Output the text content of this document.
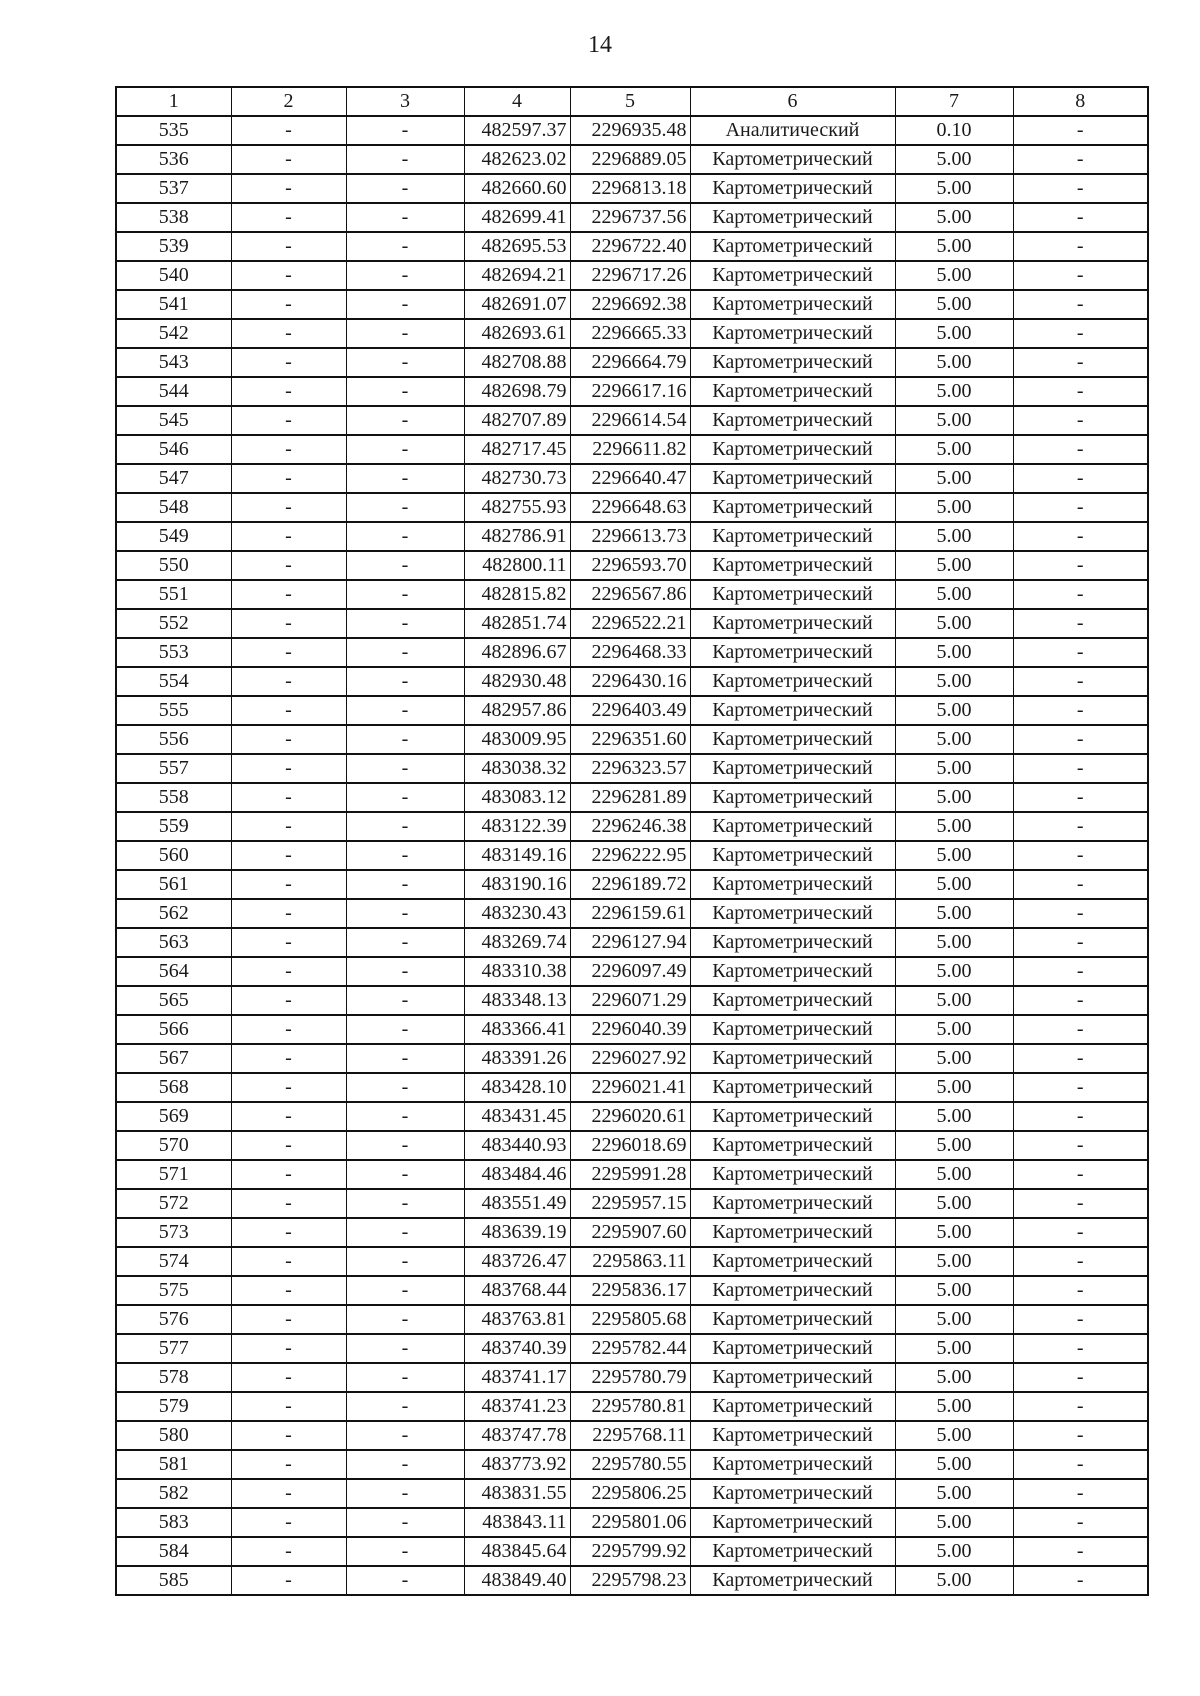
14
1	2	3	4	5	6	7	8
535	-	-	482597.37	2296935.48	Аналитический	0.10	-
536	-	-	482623.02	2296889.05	Картометрический	5.00	-
537	-	-	482660.60	2296813.18	Картометрический	5.00	-
538	-	-	482699.41	2296737.56	Картометрический	5.00	-
539	-	-	482695.53	2296722.40	Картометрический	5.00	-
540	-	-	482694.21	2296717.26	Картометрический	5.00	-
541	-	-	482691.07	2296692.38	Картометрический	5.00	-
542	-	-	482693.61	2296665.33	Картометрический	5.00	-
543	-	-	482708.88	2296664.79	Картометрический	5.00	-
544	-	-	482698.79	2296617.16	Картометрический	5.00	-
545	-	-	482707.89	2296614.54	Картометрический	5.00	-
546	-	-	482717.45	2296611.82	Картометрический	5.00	-
547	-	-	482730.73	2296640.47	Картометрический	5.00	-
548	-	-	482755.93	2296648.63	Картометрический	5.00	-
549	-	-	482786.91	2296613.73	Картометрический	5.00	-
550	-	-	482800.11	2296593.70	Картометрический	5.00	-
551	-	-	482815.82	2296567.86	Картометрический	5.00	-
552	-	-	482851.74	2296522.21	Картометрический	5.00	-
553	-	-	482896.67	2296468.33	Картометрический	5.00	-
554	-	-	482930.48	2296430.16	Картометрический	5.00	-
555	-	-	482957.86	2296403.49	Картометрический	5.00	-
556	-	-	483009.95	2296351.60	Картометрический	5.00	-
557	-	-	483038.32	2296323.57	Картометрический	5.00	-
558	-	-	483083.12	2296281.89	Картометрический	5.00	-
559	-	-	483122.39	2296246.38	Картометрический	5.00	-
560	-	-	483149.16	2296222.95	Картометрический	5.00	-
561	-	-	483190.16	2296189.72	Картометрический	5.00	-
562	-	-	483230.43	2296159.61	Картометрический	5.00	-
563	-	-	483269.74	2296127.94	Картометрический	5.00	-
564	-	-	483310.38	2296097.49	Картометрический	5.00	-
565	-	-	483348.13	2296071.29	Картометрический	5.00	-
566	-	-	483366.41	2296040.39	Картометрический	5.00	-
567	-	-	483391.26	2296027.92	Картометрический	5.00	-
568	-	-	483428.10	2296021.41	Картометрический	5.00	-
569	-	-	483431.45	2296020.61	Картометрический	5.00	-
570	-	-	483440.93	2296018.69	Картометрический	5.00	-
571	-	-	483484.46	2295991.28	Картометрический	5.00	-
572	-	-	483551.49	2295957.15	Картометрический	5.00	-
573	-	-	483639.19	2295907.60	Картометрический	5.00	-
574	-	-	483726.47	2295863.11	Картометрический	5.00	-
575	-	-	483768.44	2295836.17	Картометрический	5.00	-
576	-	-	483763.81	2295805.68	Картометрический	5.00	-
577	-	-	483740.39	2295782.44	Картометрический	5.00	-
578	-	-	483741.17	2295780.79	Картометрический	5.00	-
579	-	-	483741.23	2295780.81	Картометрический	5.00	-
580	-	-	483747.78	2295768.11	Картометрический	5.00	-
581	-	-	483773.92	2295780.55	Картометрический	5.00	-
582	-	-	483831.55	2295806.25	Картометрический	5.00	-
583	-	-	483843.11	2295801.06	Картометрический	5.00	-
584	-	-	483845.64	2295799.92	Картометрический	5.00	-
585	-	-	483849.40	2295798.23	Картометрический	5.00	-
